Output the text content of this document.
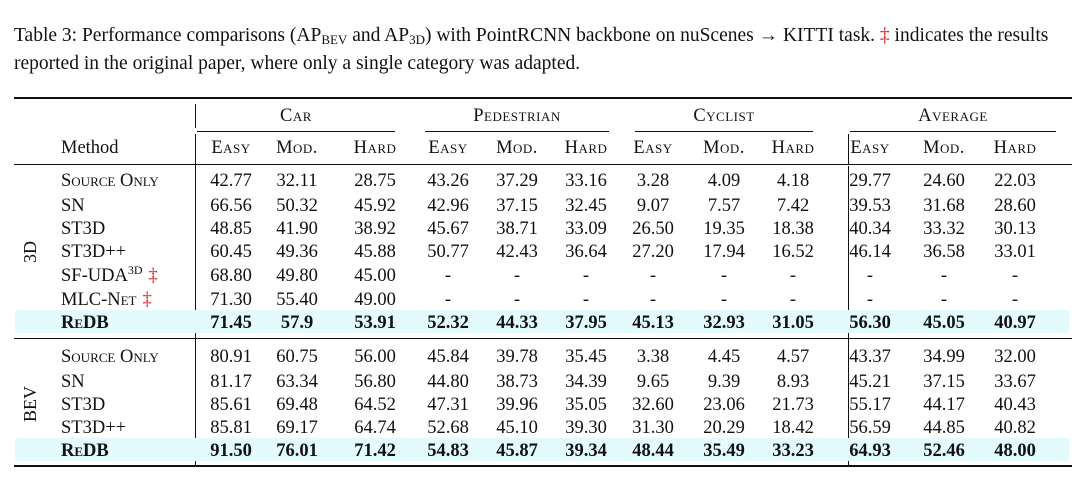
Table 3: Performance comparisons ($AP_{BEV}$ and $AP_{3D}$) with PointRCNN backbone on nuScenes → KITTI task. ‡ indicates the results reported in the original paper, where only a single category was adapted.
Car	Pedestrian	Cyclist	Average
Method	Easy	Mod.	Hard	Easy	Mod.	Hard	Easy	Mod.	Hard	Easy	Mod.	Hard
3D
Source Only	42.77	32.11	28.75	43.26	37.29	33.16	3.28	4.09	4.18	29.77	24.60	22.03
SN	66.56	50.32	45.92	42.96	37.15	32.45	9.07	7.57	7.42	39.53	31.68	28.60
ST3D	48.85	41.90	38.92	45.67	38.71	33.09	26.50	19.35	18.38	40.34	33.32	30.13
ST3D++	60.45	49.36	45.88	50.77	42.43	36.64	27.20	17.94	16.52	46.14	36.58	33.01
$SF-UDA^{3D}$ ‡	68.80	49.80	45.00	-	-	-	-	-	-	-	-	-
MLC-Net ‡	71.30	55.40	49.00	-	-	-	-	-	-	-	-	-
ReDB	71.45	57.9	53.91	52.32	44.33	37.95	45.13	32.93	31.05	56.30	45.05	40.97
BEV
Source Only	80.91	60.75	56.00	45.84	39.78	35.45	3.38	4.45	4.57	43.37	34.99	32.00
SN	81.17	63.34	56.80	44.80	38.73	34.39	9.65	9.39	8.93	45.21	37.15	33.67
ST3D	85.61	69.48	64.52	47.31	39.96	35.05	32.60	23.06	21.73	55.17	44.17	40.43
ST3D++	85.81	69.17	64.74	52.68	45.10	39.30	31.30	20.29	18.42	56.59	44.85	40.82
ReDB	91.50	76.01	71.42	54.83	45.87	39.34	48.44	35.49	33.23	64.93	52.46	48.00
